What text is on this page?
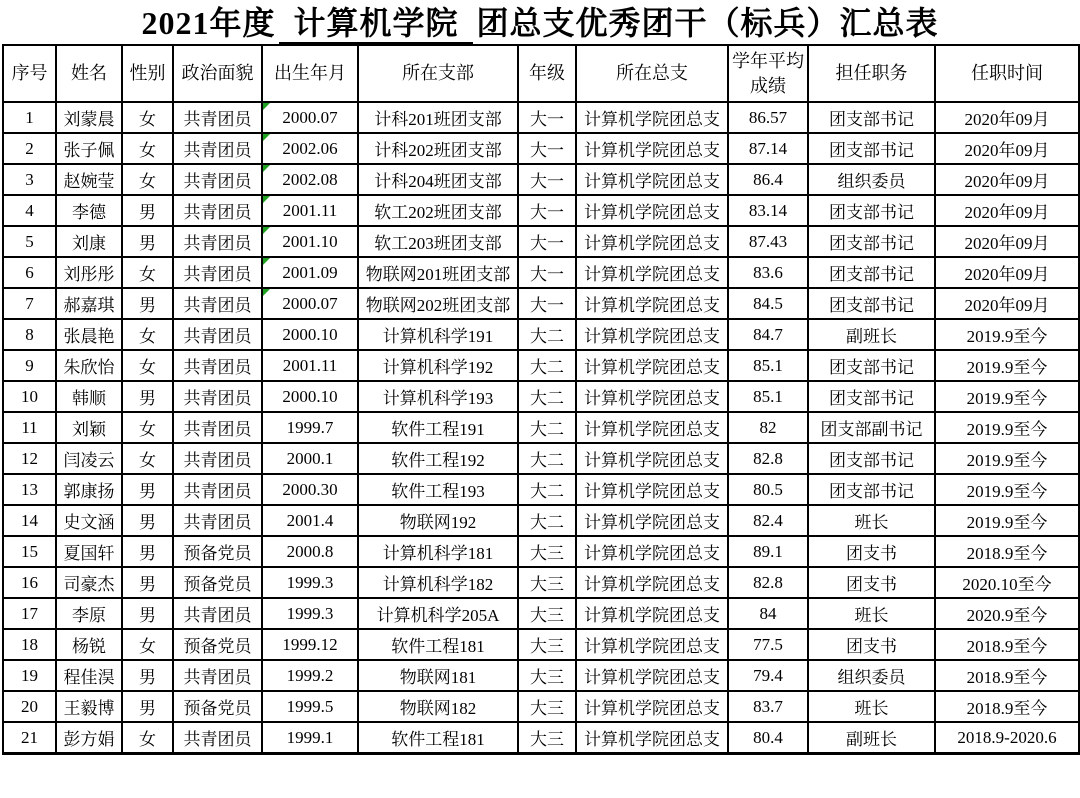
2021年度 计算机学院 团总支优秀团干（标兵）汇总表
序号	姓名	性别	政治面貌	出生年月	所在支部	年级	所在总支	学年平均成绩	担任职务	任职时间
1	刘蒙晨	女	共青团员	2000.07	计科201班团支部	大一	计算机学院团总支	86.57	团支部书记	2020年09月
2	张子佩	女	共青团员	2002.06	计科202班团支部	大一	计算机学院团总支	87.14	团支部书记	2020年09月
3	赵婉莹	女	共青团员	2002.08	计科204班团支部	大一	计算机学院团总支	86.4	组织委员	2020年09月
4	李德	男	共青团员	2001.11	软工202班团支部	大一	计算机学院团总支	83.14	团支部书记	2020年09月
5	刘康	男	共青团员	2001.10	软工203班团支部	大一	计算机学院团总支	87.43	团支部书记	2020年09月
6	刘彤彤	女	共青团员	2001.09	物联网201班团支部	大一	计算机学院团总支	83.6	团支部书记	2020年09月
7	郝嘉琪	男	共青团员	2000.07	物联网202班团支部	大一	计算机学院团总支	84.5	团支部书记	2020年09月
8	张晨艳	女	共青团员	2000.10	计算机科学191	大二	计算机学院团总支	84.7	副班长	2019.9至今
9	朱欣怡	女	共青团员	2001.11	计算机科学192	大二	计算机学院团总支	85.1	团支部书记	2019.9至今
10	韩顺	男	共青团员	2000.10	计算机科学193	大二	计算机学院团总支	85.1	团支部书记	2019.9至今
11	刘颖	女	共青团员	1999.7	软件工程191	大二	计算机学院团总支	82	团支部副书记	2019.9至今
12	闫凌云	女	共青团员	2000.1	软件工程192	大二	计算机学院团总支	82.8	团支部书记	2019.9至今
13	郭康扬	男	共青团员	2000.30	软件工程193	大二	计算机学院团总支	80.5	团支部书记	2019.9至今
14	史文涵	男	共青团员	2001.4	物联网192	大二	计算机学院团总支	82.4	班长	2019.9至今
15	夏国轩	男	预备党员	2000.8	计算机科学181	大三	计算机学院团总支	89.1	团支书	2018.9至今
16	司豪杰	男	预备党员	1999.3	计算机科学182	大三	计算机学院团总支	82.8	团支书	2020.10至今
17	李原	男	共青团员	1999.3	计算机科学205A	大三	计算机学院团总支	84	班长	2020.9至今
18	杨锐	女	预备党员	1999.12	软件工程181	大三	计算机学院团总支	77.5	团支书	2018.9至今
19	程佳淏	男	共青团员	1999.2	物联网181	大三	计算机学院团总支	79.4	组织委员	2018.9至今
20	王毅博	男	预备党员	1999.5	物联网182	大三	计算机学院团总支	83.7	班长	2018.9至今
21	彭方娟	女	共青团员	1999.1	软件工程181	大三	计算机学院团总支	80.4	副班长	2018.9-2020.6
